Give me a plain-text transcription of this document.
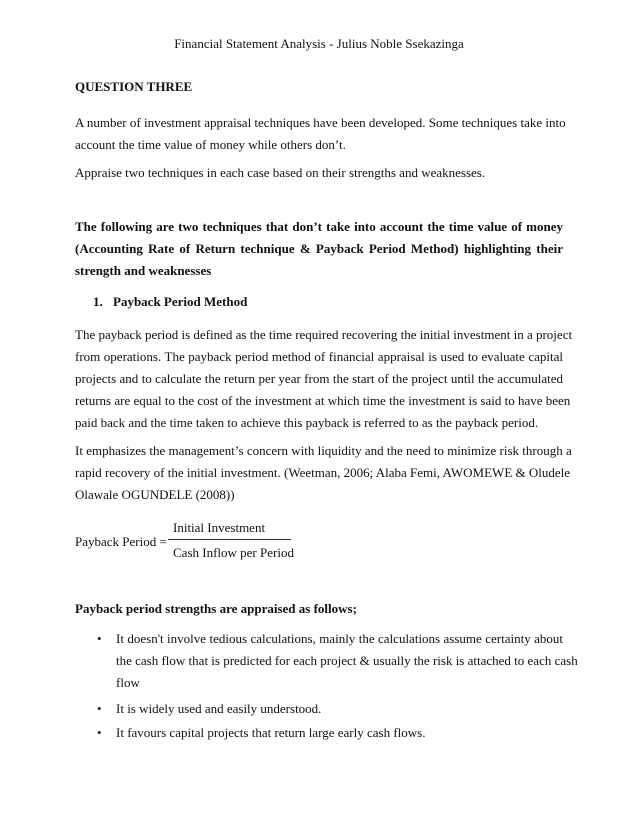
Financial Statement Analysis - Julius Noble Ssekazinga
QUESTION THREE
A number of investment appraisal techniques have been developed. Some techniques take into
account the time value of money while others don’t.
Appraise two techniques in each case based on their strengths and weaknesses.
The following are two techniques that don’t take into account the time value of money
(Accounting Rate of Return technique & Payback Period Method) highlighting their
strength and weaknesses
1. Payback Period Method
The payback period is defined as the time required recovering the initial investment in a project
from operations. The payback period method of financial appraisal is used to evaluate capital
projects and to calculate the return per year from the start of the project until the accumulated
returns are equal to the cost of the investment at which time the investment is said to have been
paid back and the time taken to achieve this payback is referred to as the payback period.
It emphasizes the management’s concern with liquidity and the need to minimize risk through a
rapid recovery of the initial investment. (Weetman, 2006; Alaba Femi, AWOMEWE & Oludele
Olawale OGUNDELE (2008))
Payback Period =
Initial Investment
Cash Inflow per Period
Payback period strengths are appraised as follows;
• It doesn't involve tedious calculations, mainly the calculations assume certainty about
the cash flow that is predicted for each project & usually the risk is attached to each cash
flow
• It is widely used and easily understood.
• It favours capital projects that return large early cash flows.
